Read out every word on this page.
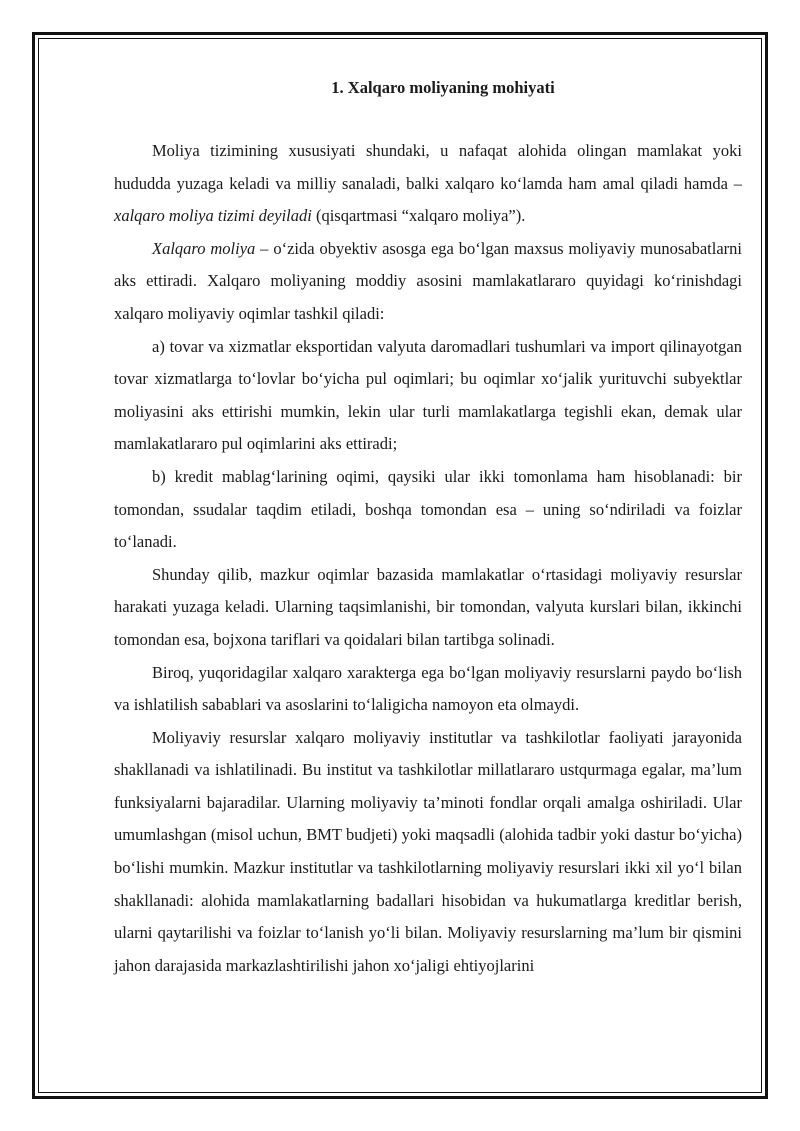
1. Xalqaro moliyaning mohiyati

Moliya tizimining xususiyati shundaki, u nafaqat alohida olingan mamlakat yoki hududda yuzaga keladi va milliy sanaladi, balki xalqaro ko‘lamda ham amal qiladi hamda – xalqaro moliya tizimi deyiladi (qisqartmasi “xalqaro moliya”).

Xalqaro moliya – o‘zida obyektiv asosga ega bo‘lgan maxsus moliyaviy munosabatlarni aks ettiradi. Xalqaro moliyaning moddiy asosini mamlakatlararo quyidagi ko‘rinishdagi xalqaro moliyaviy oqimlar tashkil qiladi:

a) tovar va xizmatlar eksportidan valyuta daromadlari tushumlari va import qilinayotgan tovar xizmatlarga to‘lovlar bo‘yicha pul oqimlari; bu oqimlar xo‘jalik yurituvchi subyektlar moliyasini aks ettirishi mumkin, lekin ular turli mamlakatlarga tegishli ekan, demak ular mamlakatlararo pul oqimlarini aks ettiradi;

b) kredit mablag‘larining oqimi, qaysiki ular ikki tomonlama ham hisoblanadi: bir tomondan, ssudalar taqdim etiladi, boshqa tomondan esa – uning so‘ndiriladi va foizlar to‘lanadi.

Shunday qilib, mazkur oqimlar bazasida mamlakatlar o‘rtasidagi moliyaviy resurslar harakati yuzaga keladi. Ularning taqsimlanishi, bir tomondan, valyuta kurslari bilan, ikkinchi tomondan esa, bojxona tariflari va qoidalari bilan tartibga solinadi.

Biroq, yuqoridagilar xalqaro xarakterga ega bo‘lgan moliyaviy resurslarni paydo bo‘lish va ishlatilish sabablari va asoslarini to‘laligicha namoyon eta olmaydi.

Moliyaviy resurslar xalqaro moliyaviy institutlar va tashkilotlar faoliyati jarayonida shakllanadi va ishlatilinadi. Bu institut va tashkilotlar millatlararo ustqurmaga egalar, ma’lum funksiyalarni bajaradilar. Ularning moliyaviy ta’minoti fondlar orqali amalga oshiriladi. Ular umumlashgan (misol uchun, BMT budjeti) yoki maqsadli (alohida tadbir yoki dastur bo‘yicha) bo‘lishi mumkin. Mazkur institutlar va tashkilotlarning moliyaviy resurslari ikki xil yo‘l bilan shakllanadi: alohida mamlakatlarning badallari hisobidan va hukumatlarga kreditlar berish, ularni qaytarilishi va foizlar to‘lanish yo‘li bilan. Moliyaviy resurslarning ma’lum bir qismini jahon darajasida markazlashtirilishi jahon xo‘jaligi ehtiyojlarini
